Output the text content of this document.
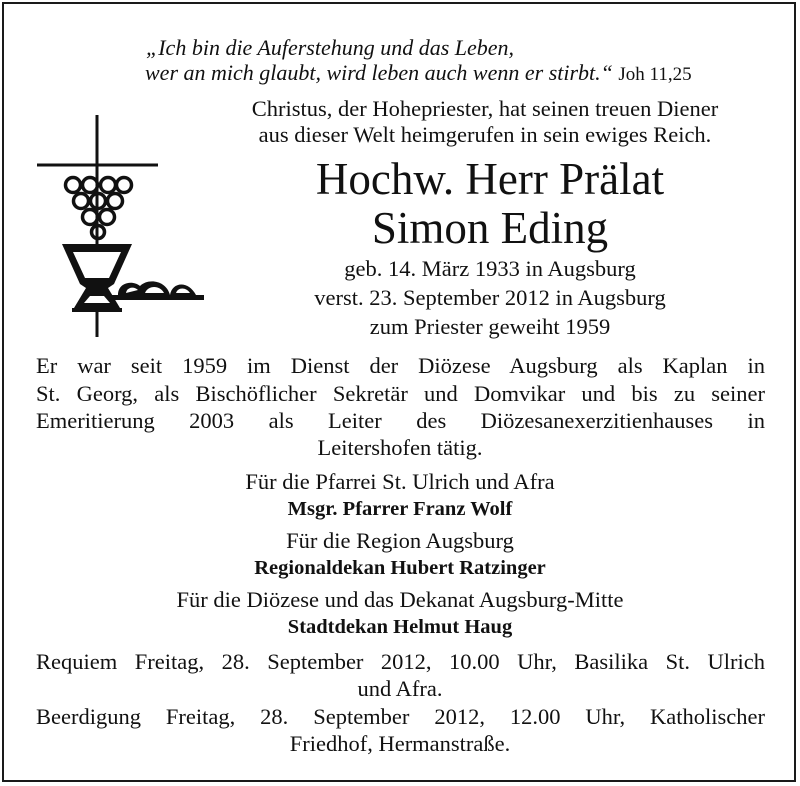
„Ich bin die Auferstehung und das Leben,
wer an mich glaubt, wird leben auch wenn er stirbt.“ Joh 11,25
Christus, der Hohepriester, hat seinen treuen Diener
aus dieser Welt heimgerufen in sein ewiges Reich.
Hochw. Herr Prälat
Simon Eding
geb. 14. März 1933 in Augsburg
verst. 23. September 2012 in Augsburg
zum Priester geweiht 1959
Er war seit 1959 im Dienst der Diözese Augsburg als Kaplan in
St. Georg, als Bischöflicher Sekretär und Domvikar und bis zu seiner
Emeritierung 2003 als Leiter des Diözesanexerzitienhauses in
Leitershofen tätig.
Für die Pfarrei St. Ulrich und Afra
Msgr. Pfarrer Franz Wolf
Für die Region Augsburg
Regionaldekan Hubert Ratzinger
Für die Diözese und das Dekanat Augsburg-Mitte
Stadtdekan Helmut Haug
Requiem Freitag, 28. September 2012, 10.00 Uhr, Basilika St. Ulrich
und Afra.
Beerdigung Freitag, 28. September 2012, 12.00 Uhr, Katholischer
Friedhof, Hermanstraße.
